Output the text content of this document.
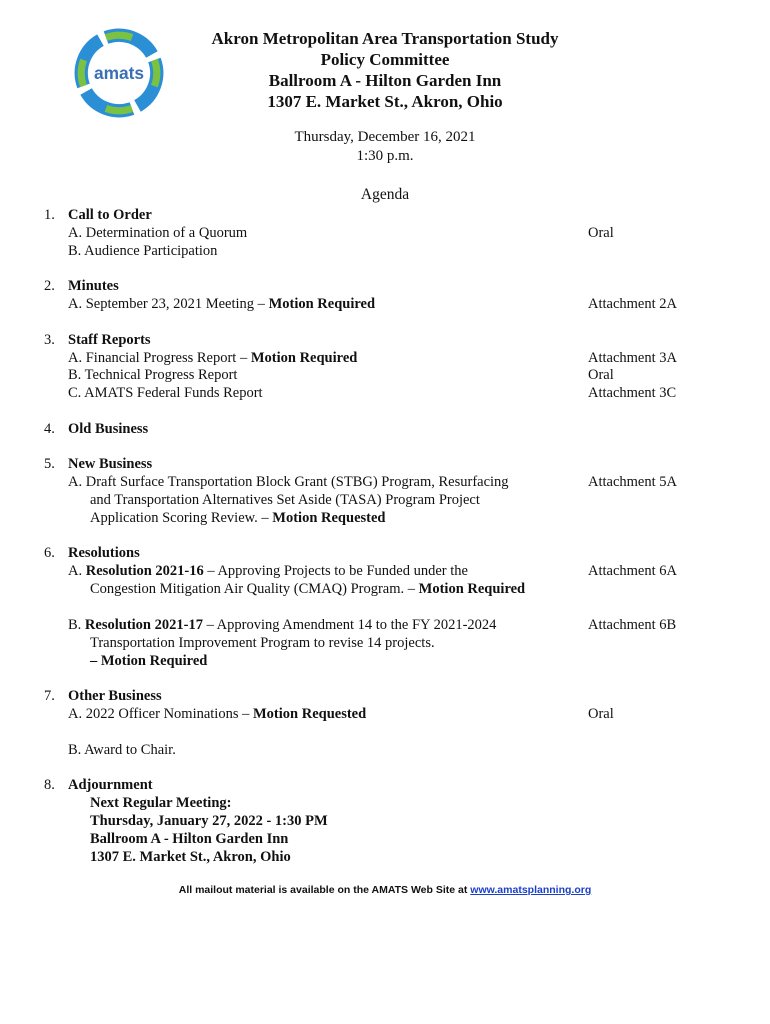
amats
Akron Metropolitan Area Transportation Study
Policy Committee
Ballroom A - Hilton Garden Inn
1307 E. Market St., Akron, Ohio
Thursday, December 16, 2021
1:30 p.m.
Agenda
1. Call to Order
A. Determination of a Quorum	Oral
B. Audience Participation
2. Minutes
A. September 23, 2021 Meeting – Motion Required	Attachment 2A
3. Staff Reports
A. Financial Progress Report – Motion Required	Attachment 3A
B. Technical Progress Report	Oral
C. AMATS Federal Funds Report	Attachment 3C
4. Old Business
5. New Business
A. Draft Surface Transportation Block Grant (STBG) Program, Resurfacing	Attachment 5A
and Transportation Alternatives Set Aside (TASA) Program Project
Application Scoring Review. – Motion Requested
6. Resolutions
A. Resolution 2021-16 – Approving Projects to be Funded under the	Attachment 6A
Congestion Mitigation Air Quality (CMAQ) Program. – Motion Required
B. Resolution 2021-17 – Approving Amendment 14 to the FY 2021-2024	Attachment 6B
Transportation Improvement Program to revise 14 projects.
– Motion Required
7. Other Business
A. 2022 Officer Nominations – Motion Requested	Oral
B. Award to Chair.
8. Adjournment
Next Regular Meeting:
Thursday, January 27, 2022 - 1:30 PM
Ballroom A - Hilton Garden Inn
1307 E. Market St., Akron, Ohio
All mailout material is available on the AMATS Web Site at www.amatsplanning.org
